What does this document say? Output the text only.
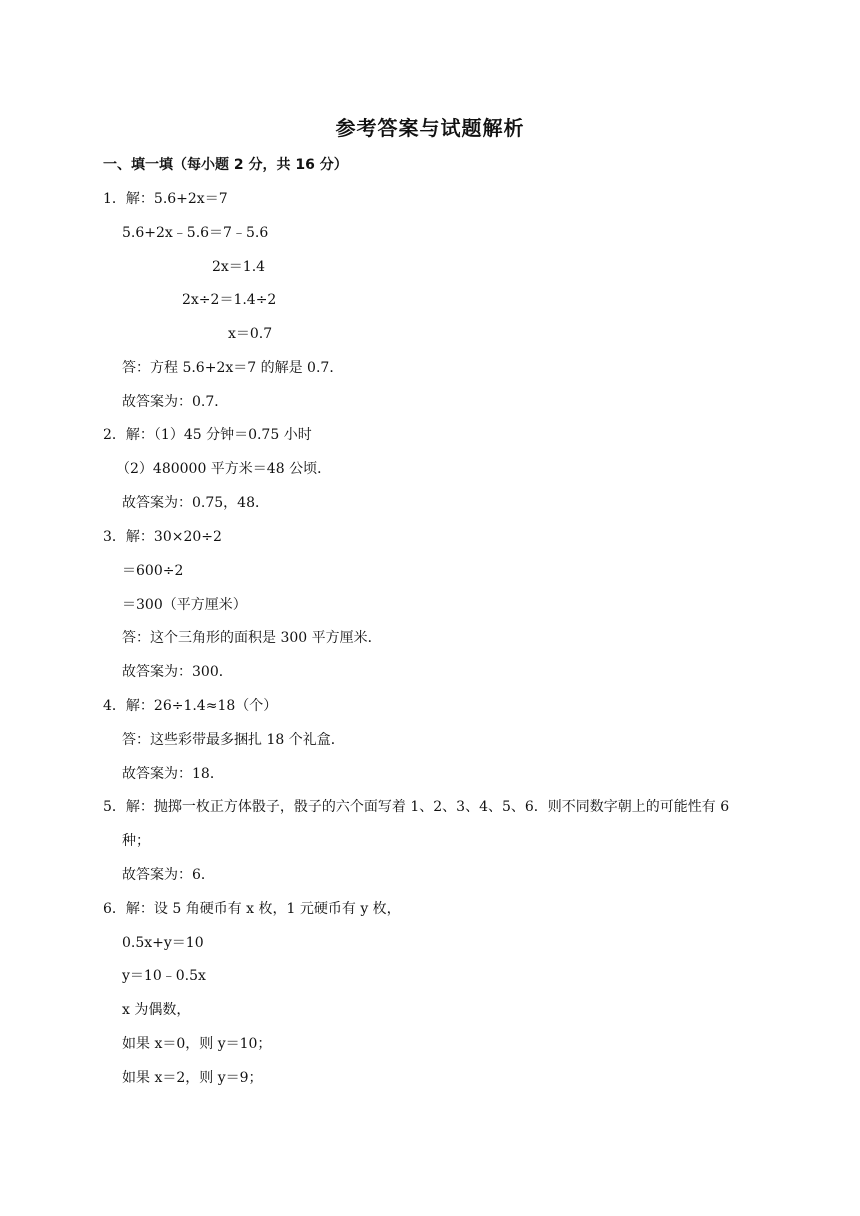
参考答案与试题解析
一、填一填（每小题 2 分，共 16 分）
1．解：5.6+2x＝7
5.6+2x﹣5.6＝7﹣5.6
2x＝1.4
2x÷2＝1.4÷2
x＝0.7
答：方程 5.6+2x＝7 的解是 0.7．
故答案为：0.7．
2．解：（1）45 分钟＝0.75 小时
（2）480000 平方米＝48 公顷．
故答案为：0.75，48．
3．解：30×20÷2
＝600÷2
＝300（平方厘米）
答：这个三角形的面积是 300 平方厘米．
故答案为：300．
4．解：26÷1.4≈18（个）
答：这些彩带最多捆扎 18 个礼盒．
故答案为：18．
5．解：抛掷一枚正方体骰子，骰子的六个面写着 1、2、3、4、5、6．则不同数字朝上的可能性有 6
种；
故答案为：6．
6．解：设 5 角硬币有 x 枚，1 元硬币有 y 枚，
0.5x+y＝10
y＝10﹣0.5x
x 为偶数，
如果 x＝0，则 y＝10；
如果 x＝2，则 y＝9；
